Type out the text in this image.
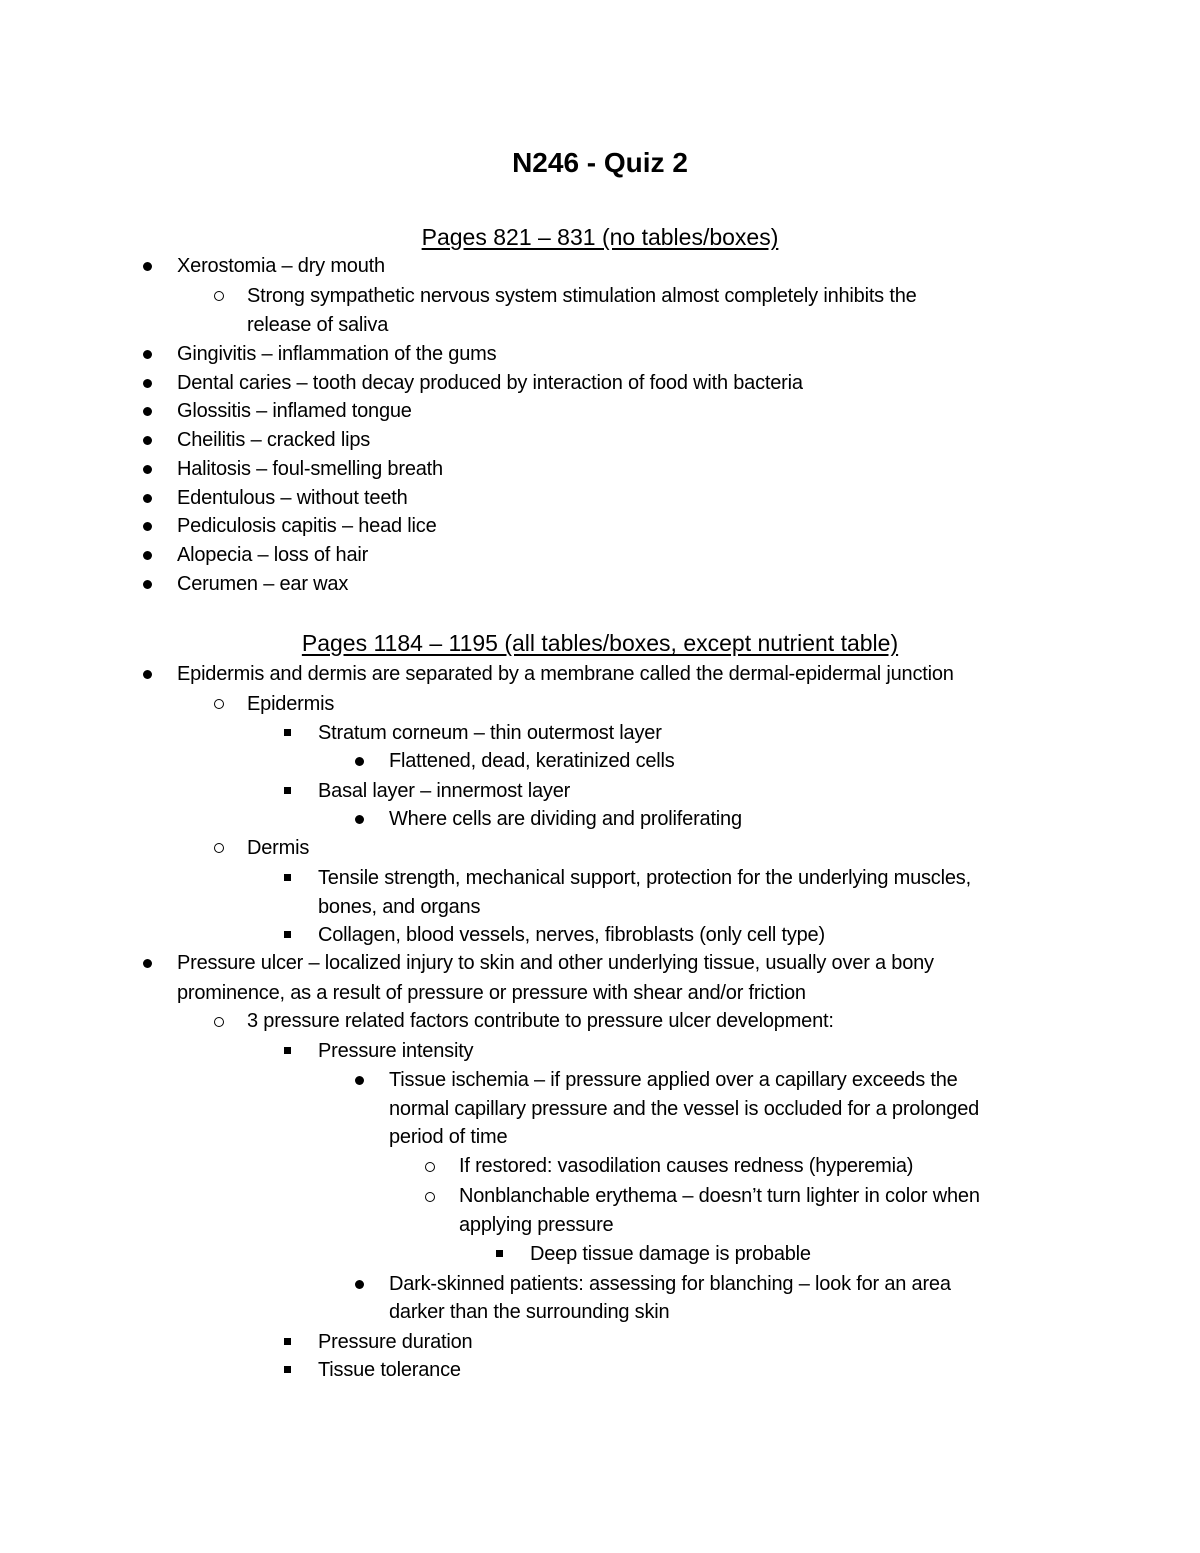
N246 - Quiz 2
Pages 821 – 831 (no tables/boxes)
Xerostomia – dry mouth
Strong sympathetic nervous system stimulation almost completely inhibits the
release of saliva
Gingivitis – inflammation of the gums
Dental caries – tooth decay produced by interaction of food with bacteria
Glossitis – inflamed tongue
Cheilitis – cracked lips
Halitosis – foul-smelling breath
Edentulous – without teeth
Pediculosis capitis – head lice
Alopecia – loss of hair
Cerumen – ear wax
Pages 1184 – 1195 (all tables/boxes, except nutrient table)
Epidermis and dermis are separated by a membrane called the dermal-epidermal junction
Epidermis
Stratum corneum – thin outermost layer
Flattened, dead, keratinized cells
Basal layer – innermost layer
Where cells are dividing and proliferating
Dermis
Tensile strength, mechanical support, protection for the underlying muscles,
bones, and organs
Collagen, blood vessels, nerves, fibroblasts (only cell type)
Pressure ulcer – localized injury to skin and other underlying tissue, usually over a bony
prominence, as a result of pressure or pressure with shear and/or friction
3 pressure related factors contribute to pressure ulcer development:
Pressure intensity
Tissue ischemia – if pressure applied over a capillary exceeds the
normal capillary pressure and the vessel is occluded for a prolonged
period of time
If restored: vasodilation causes redness (hyperemia)
Nonblanchable erythema – doesn’t turn lighter in color when
applying pressure
Deep tissue damage is probable
Dark-skinned patients: assessing for blanching – look for an area
darker than the surrounding skin
Pressure duration
Tissue tolerance
